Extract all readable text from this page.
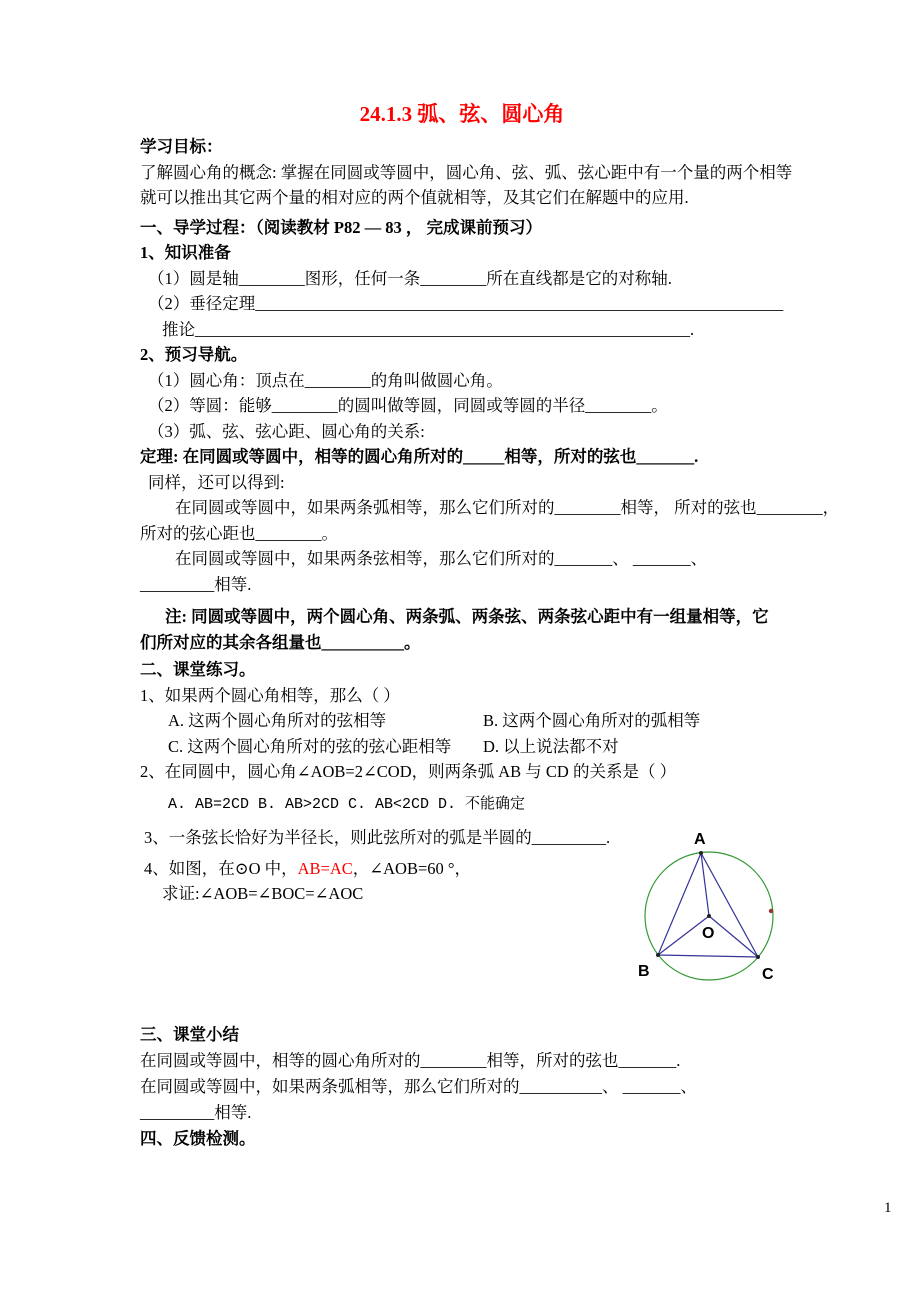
24.1.3 弧、弦、圆心角
学习目标：
了解圆心角的概念: 掌握在同圆或等圆中，圆心角、弦、弧、弦心距中有一个量的两个相等
就可以推出其它两个量的相对应的两个值就相等，及其它们在解题中的应用.
一、导学过程：（阅读教材 P82 — 83 ， 完成课前预习）
1、知识准备
（1）圆是轴________图形，任何一条________所在直线都是它的对称轴.
（2）垂径定理________________________________________________________________
推论____________________________________________________________.
2、预习导航。
（1）圆心角：顶点在________的角叫做圆心角。
（2）等圆：能够________的圆叫做等圆，同圆或等圆的半径________。
（3）弧、弦、弦心距、圆心角的关系:
定理: 在同圆或等圆中，相等的圆心角所对的_____相等，所对的弦也_______.
同样，还可以得到:
在同圆或等圆中，如果两条弧相等，那么它们所对的________相等， 所对的弦也________，
所对的弦心距也________。
在同圆或等圆中，如果两条弦相等，那么它们所对的_______、 _______、
_________相等.
注: 同圆或等圆中，两个圆心角、两条弧、两条弦、两条弦心距中有一组量相等，它
们所对应的其余各组量也__________。
二、课堂练习。
1、如果两个圆心角相等，那么（ ）
A. 这两个圆心角所对的弦相等	B. 这两个圆心角所对的弧相等
C. 这两个圆心角所对的弦的弦心距相等 D. 以上说法都不对
2、在同圆中，圆心角∠AOB=2∠COD，则两条弧 AB 与 CD 的关系是（ ）
A. AB=2CD B. AB>2CD C. AB<2CD D. 不能确定
3、一条弦长恰好为半径长，则此弦所对的弧是半圆的_________.
4、如图，在⊙O 中，AB=AC，∠AOB=60 °，
求证:∠AOB=∠BOC=∠AOC
A
B	C
O
三、课堂小结
在同圆或等圆中，相等的圆心角所对的________相等，所对的弦也_______.
在同圆或等圆中，如果两条弧相等，那么它们所对的__________、 _______、
_________相等.
四、反馈检测。
1
